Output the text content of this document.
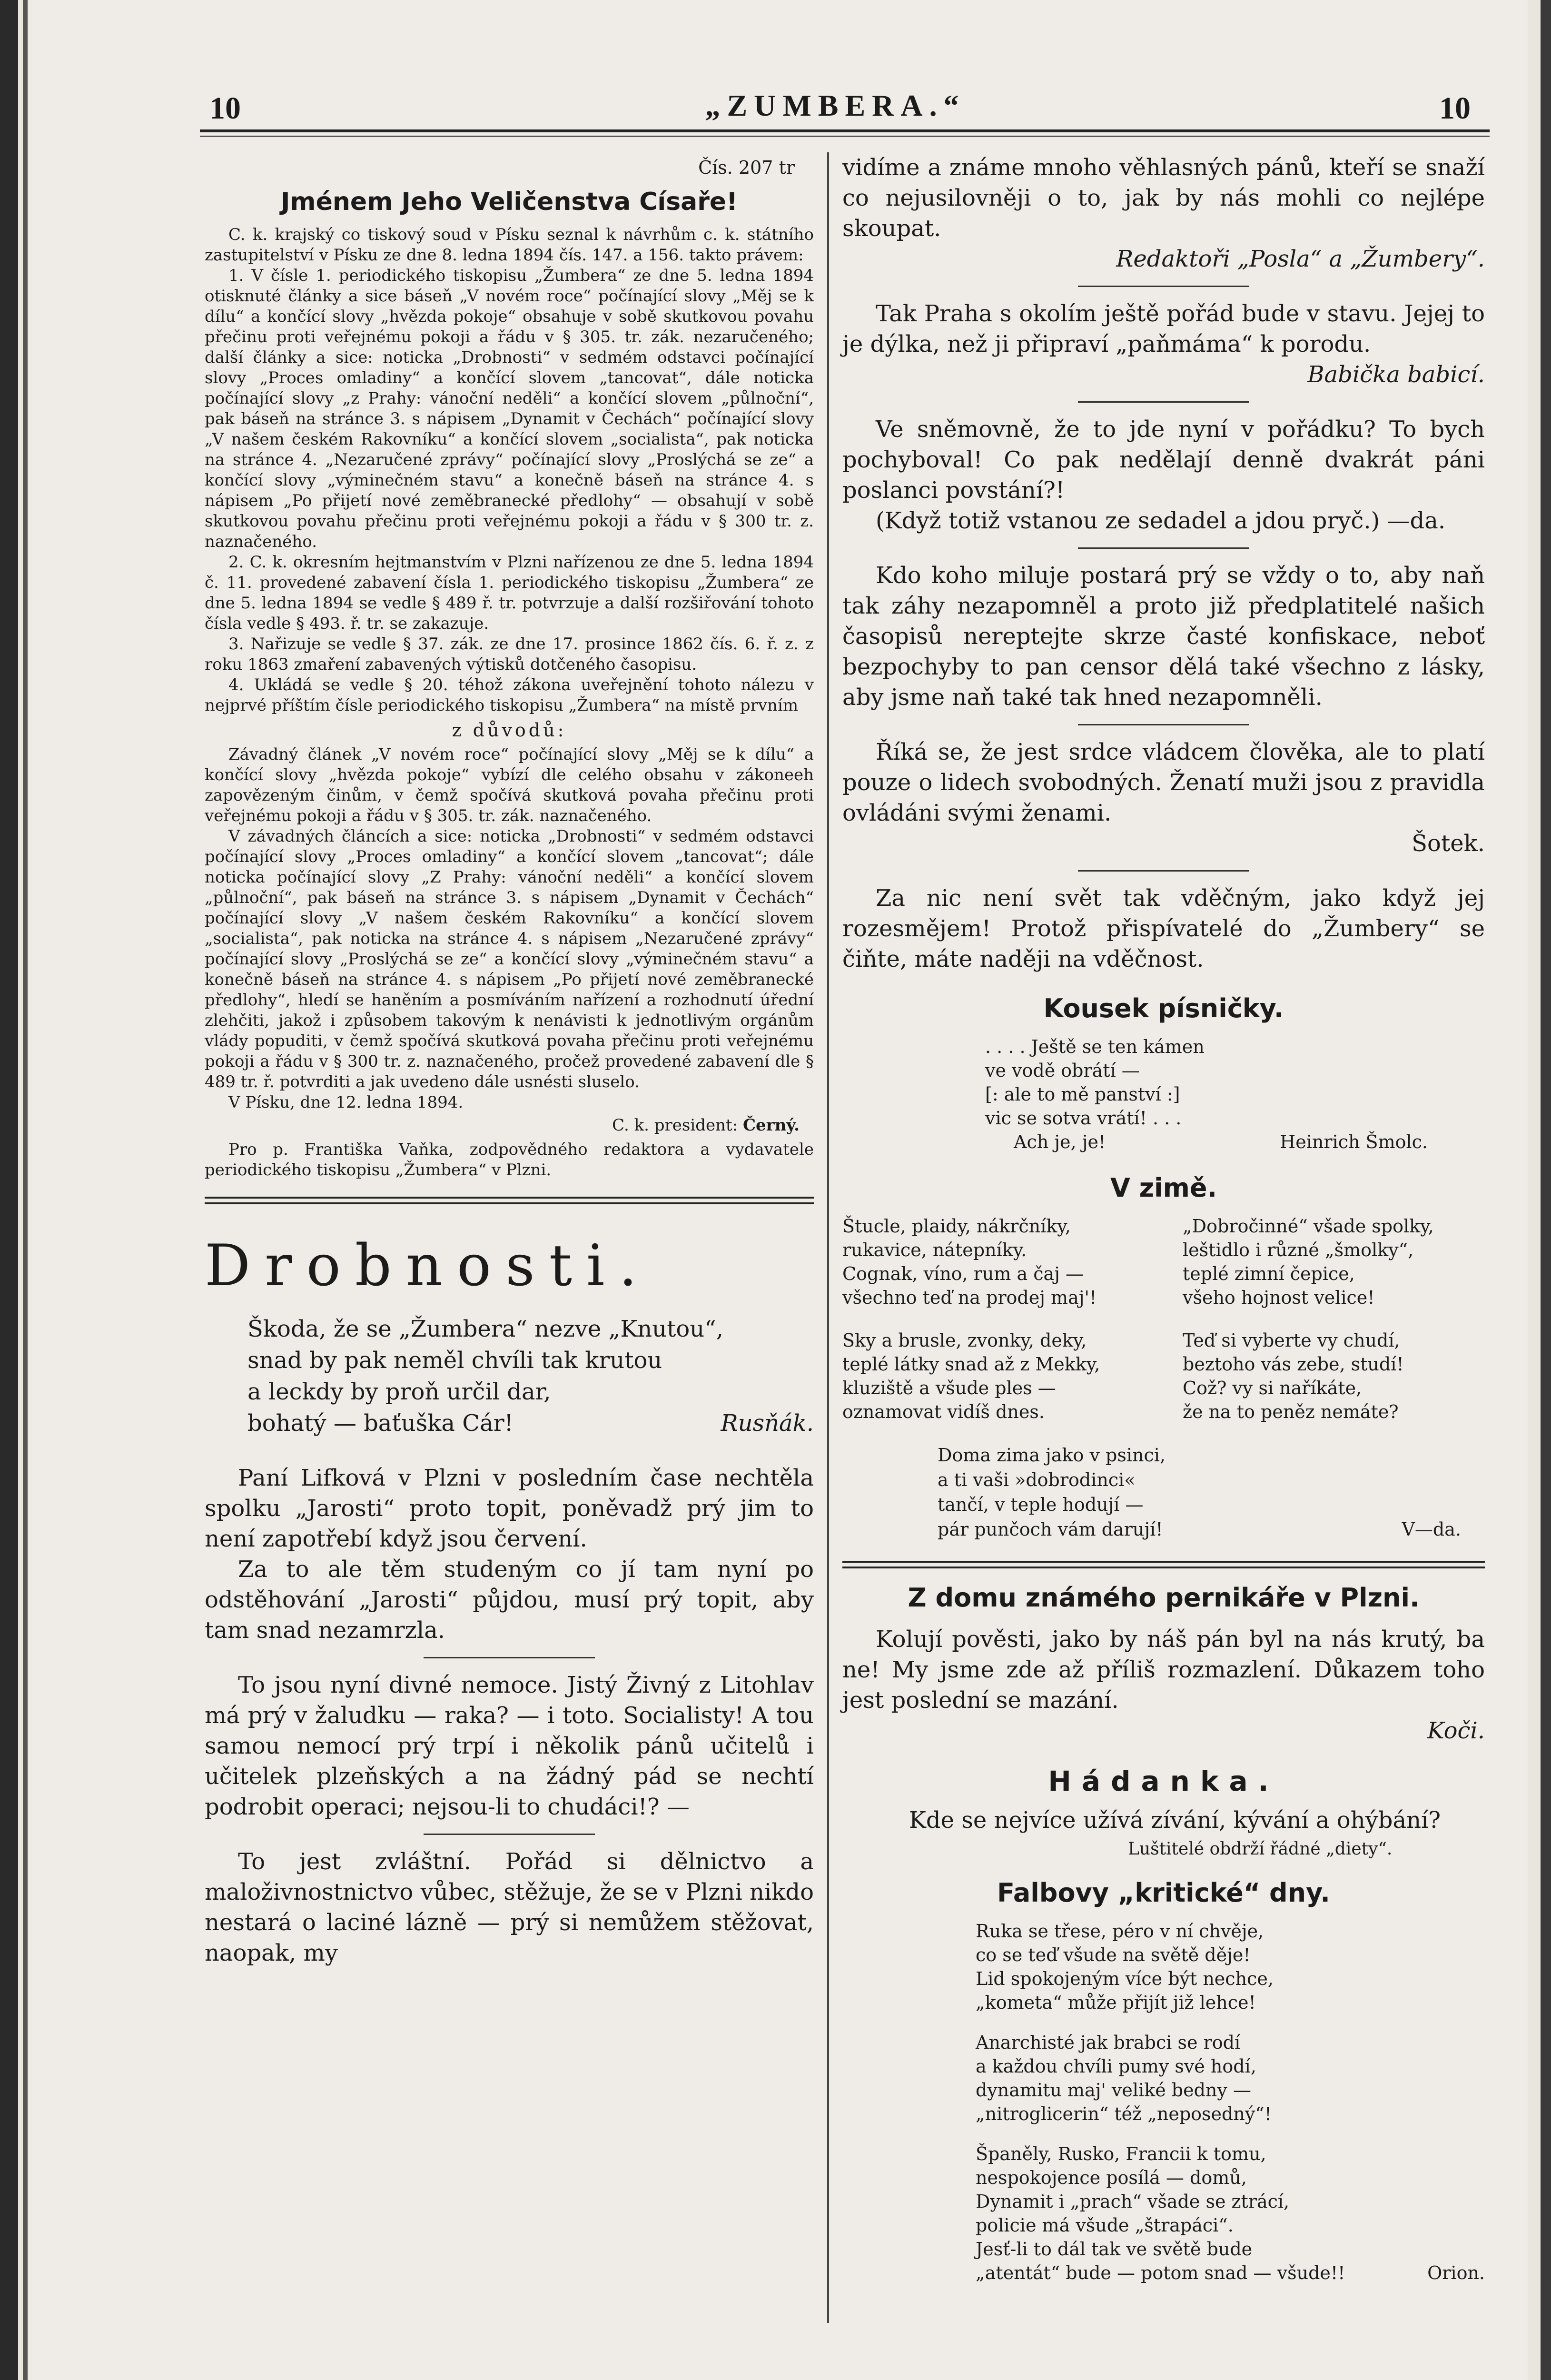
10	„ZUMBERA.“	10
Čís. 207 tr
Jménem Jeho Veličenstva Císaře!

C. k. krajský co tiskový soud v Písku seznal k návrhům c. k. státního zastupitelství v Písku ze dne 8. ledna 1894 čís. 147. a 156. takto právem:

1. V čísle 1. periodického tiskopisu „Žumbera“ ze dne 5. ledna 1894 otisknuté články a sice báseň „V novém roce“ počínající slovy „Měj se k dílu“ a končící slovy „hvězda pokoje“ obsahuje v sobě skutkovou povahu přečinu proti veřejnému pokoji a řádu v § 305. tr. zák. nezaručeného; další články a sice: noticka „Drobnosti“ v sedmém odstavci počínající slovy „Proces omladiny“ a končící slovem „tancovat“, dále noticka počínající slovy „z Prahy: vánoční neděli“ a končící slovem „půlnoční“, pak báseň na stránce 3. s nápisem „Dynamit v Čechách“ počínající slovy „V našem českém Rakovníku“ a končící slovem „socialista“, pak noticka na stránce 4. „Nezaručené zprávy“ počínající slovy „Proslýchá se ze“ a končící slovy „výminečném stavu“ a konečně báseň na stránce 4. s nápisem „Po přijetí nové zeměbranecké předlohy“ — obsahují v sobě skutkovou povahu přečinu proti veřejnému pokoji a řádu v § 300 tr. z. naznačeného.

2. C. k. okresním hejtmanstvím v Plzni nařízenou ze dne 5. ledna 1894 č. 11. provedené zabavení čísla 1. periodického tiskopisu „Žumbera“ ze dne 5. ledna 1894 se vedle § 489 ř. tr. potvrzuje a další rozšiřování tohoto čísla vedle § 493. ř. tr. se zakazuje.

3. Nařizuje se vedle § 37. zák. ze dne 17. prosince 1862 čís. 6. ř. z. z roku 1863 zmaření zabavených výtisků dotčeného časopisu.

4. Ukládá se vedle § 20. téhož zákona uveřejnění tohoto nálezu v nejprvé příštím čísle periodického tiskopisu „Žumbera“ na místě prvním

z důvodů:

Závadný článek „V novém roce“ počínající slovy „Měj se k dílu“ a končící slovy „hvězda pokoje“ vybízí dle celého obsahu v zákoneeh zapovězeným činům, v čemž spočívá skutková povaha přečinu proti veřejnému pokoji a řádu v § 305. tr. zák. naznačeného.

V závadných článcích a sice: noticka „Drobnosti“ v sedmém odstavci počínající slovy „Proces omladiny“ a končící slovem „tancovat“; dále noticka počínající slovy „Z Prahy: vánoční neděli“ a končící slovem „půlnoční“, pak báseň na stránce 3. s nápisem „Dynamit v Čechách“ počínající slovy „V našem českém Rakovníku“ a končící slovem „socialista“, pak noticka na stránce 4. s nápisem „Nezaručené zprávy“ počínající slovy „Proslýchá se ze“ a končící slovy „výminečném stavu“ a konečně báseň na stránce 4. s nápisem „Po přijetí nové zeměbranecké předlohy“, hledí se haněním a posmíváním nařízení a rozhodnutí úřední zlehčiti, jakož i způsobem takovým k nenávisti k jednotlivým orgánům vlády popuditi, v čemž spočívá skutková povaha přečinu proti veřejnému pokoji a řádu v § 300 tr. z. naznačeného, pročež provedené zabavení dle § 489 tr. ř. potvrditi a jak uvedeno dále usnésti sluselo.

V Písku, dne 12. ledna 1894.

C. k. president: Černý.

Pro p. Františka Vaňka, zodpovědného redaktora a vydavatele periodického tiskopisu „Žumbera“ v Plzni.

Drobnosti.
Škoda, že se „Žumbera“ nezve „Knutou“,
snad by pak neměl chvíli tak krutou
a leckdy by proň určil dar,
bohatý — baťuška Cár!	Rusňák.

Paní Lifková v Plzni v posledním čase nechtěla spolku „Jarosti“ proto topit, poněvadž prý jim to není zapotřebí když jsou červení.

Za to ale těm studeným co jí tam nyní po odstěhování „Jarosti“ půjdou, musí prý topit, aby tam snad nezamrzla.

To jsou nyní divné nemoce. Jistý Živný z Litohlav má prý v žaludku — raka? — i toto. Socialisty! A tou samou nemocí prý trpí i několik pánů učitelů i učitelek plzeňských a na žádný pád se nechtí podrobit operaci; nejsou-li to chudáci!? —

To jest zvláštní. Pořád si dělnictvo a maloživnostnictvo vůbec, stěžuje, že se v Plzni nikdo nestará o laciné lázně — prý si nemůžem stěžovat, naopak, my

vidíme a známe mnoho věhlasných pánů, kteří se snaží co nejusilovněji o to, jak by nás mohli co nejlépe skoupat.

Redaktoři „Posla“ a „Žumbery“.

Tak Praha s okolím ještě pořád bude v stavu. Jejej to je dýlka, než ji připraví „paňmáma“ k porodu.

Babička babicí.

Ve sněmovně, že to jde nyní v pořádku? To bych pochyboval! Co pak nedělají denně dvakrát páni poslanci povstání?!

(Když totiž vstanou ze sedadel a jdou pryč.) —da.

Kdo koho miluje postará prý se vždy o to, aby naň tak záhy nezapomněl a proto již předplatitelé našich časopisů nereptejte skrze časté konfiskace, neboť bezpochyby to pan censor dělá také všechno z lásky, aby jsme naň také tak hned nezapomněli.

Říká se, že jest srdce vládcem člověka, ale to platí pouze o lidech svobodných. Ženatí muži jsou z pravidla ovládáni svými ženami.

Šotek.

Za nic není svět tak vděčným, jako když jej rozesmějem! Protož přispívatelé do „Žumbery“ se čiňte, máte naději na vděčnost.

Kousek písničky.
. . . . Ještě se ten kámen
ve vodě obrátí —
[: ale to mě panství :]
vic se sotva vrátí! . . .
Ach je, je!	Heinrich Šmolc.
V zimě.
Štucle, plaidy, nákrčníky,
rukavice, nátepníky.
Cognak, víno, rum a čaj —
všechno teď na prodej maj'!
Sky a brusle, zvonky, deky,
teplé látky snad až z Mekky,
kluziště a všude ples —
oznamovat vidíš dnes.
„Dobročinné“ všade spolky,
leštidlo i různé „šmolky“,
teplé zimní čepice,
všeho hojnost velice!
Teď si vyberte vy chudí,
beztoho vás zebe, studí!
Což? vy si naříkáte,
že na to peněz nemáte?
Doma zima jako v psinci,
a ti vaši »dobrodinci«
tančí, v teple hodují —
pár punčoch vám darují!	V—da.
Z domu známého pernikáře v Plzni.

Kolují pověsti, jako by náš pán byl na nás krutý, ba ne! My jsme zde až příliš rozmazlení. Důkazem toho jest poslední se mazání.

Koči.
Hádanka.
Kde se nejvíce užívá zívání, kývání a ohýbání?
Luštitelé obdrží řádné „diety“.
Falbovy „kritické“ dny.
Ruka se třese, péro v ní chvěje,
co se teď všude na světě děje!
Lid spokojeným více být nechce,
„kometa“ může přijít již lehce!
Anarchisté jak brabci se rodí
a každou chvíli pumy své hodí,
dynamitu maj' veliké bedny —
„nitroglicerin“ též „neposedný“!
Španěly, Rusko, Francii k tomu,
nespokojence posílá — domů,
Dynamit i „prach“ všade se ztrácí,
policie má všude „štrapáci“.
Jesť-li to dál tak ve světě bude
„atentát“ bude — potom snad — všude!!	Orion.
